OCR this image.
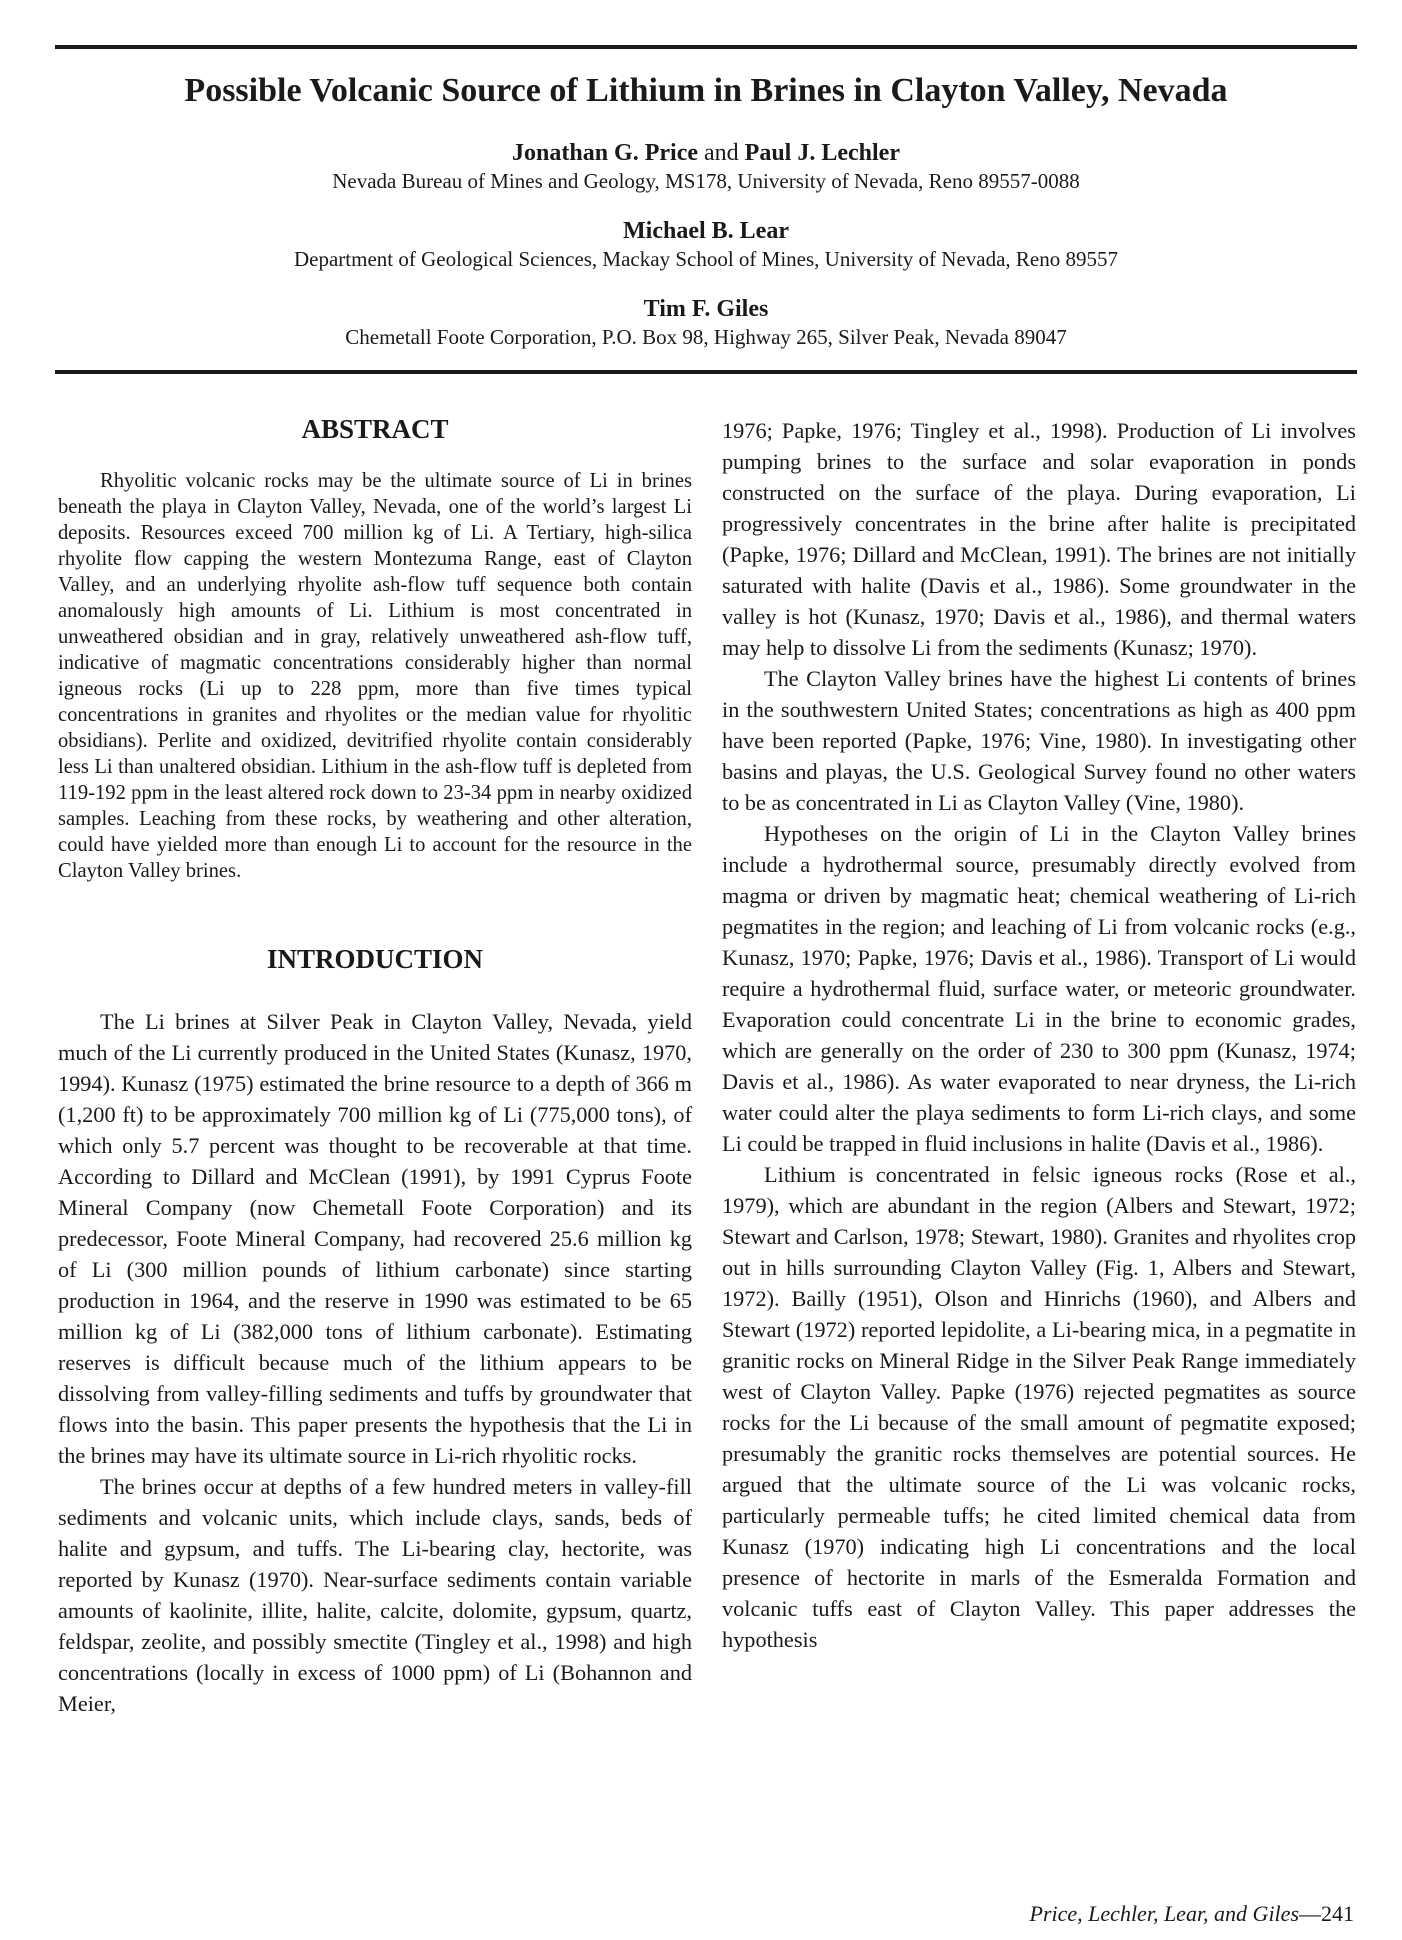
Possible Volcanic Source of Lithium in Brines in Clayton Valley, Nevada
Jonathan G. Price and Paul J. Lechler
Nevada Bureau of Mines and Geology, MS178, University of Nevada, Reno 89557-0088
Michael B. Lear
Department of Geological Sciences, Mackay School of Mines, University of Nevada, Reno 89557
Tim F. Giles
Chemetall Foote Corporation, P.O. Box 98, Highway 265, Silver Peak, Nevada 89047
ABSTRACT

Rhyolitic volcanic rocks may be the ultimate source of Li in brines beneath the playa in Clayton Valley, Nevada, one of the world’s largest Li deposits. Resources exceed 700 million kg of Li. A Tertiary, high-silica rhyolite flow capping the western Montezuma Range, east of Clayton Valley, and an underlying rhyolite ash-flow tuff sequence both contain anomalously high amounts of Li. Lithium is most concentrated in unweathered obsidian and in gray, relatively unweathered ash-flow tuff, indicative of magmatic concentrations considerably higher than normal igneous rocks (Li up to 228 ppm, more than five times typical concentrations in granites and rhyolites or the median value for rhyolitic obsidians). Perlite and oxidized, devitrified rhyolite contain considerably less Li than unaltered obsidian. Lithium in the ash-flow tuff is depleted from 119-192 ppm in the least altered rock down to 23-34 ppm in nearby oxidized samples. Leaching from these rocks, by weathering and other alteration, could have yielded more than enough Li to account for the resource in the Clayton Valley brines.

INTRODUCTION

The Li brines at Silver Peak in Clayton Valley, Nevada, yield much of the Li currently produced in the United States (Kunasz, 1970, 1994). Kunasz (1975) estimated the brine resource to a depth of 366 m (1,200 ft) to be approximately 700 million kg of Li (775,000 tons), of which only 5.7 percent was thought to be recoverable at that time. According to Dillard and McClean (1991), by 1991 Cyprus Foote Mineral Company (now Chemetall Foote Corporation) and its predecessor, Foote Mineral Company, had recovered 25.6 million kg of Li (300 million pounds of lithium carbonate) since starting production in 1964, and the reserve in 1990 was estimated to be 65 million kg of Li (382,000 tons of lithium carbonate). Estimating reserves is difficult because much of the lithium appears to be dissolving from valley-filling sediments and tuffs by groundwater that flows into the basin. This paper presents the hypothesis that the Li in the brines may have its ultimate source in Li-rich rhyolitic rocks.

The brines occur at depths of a few hundred meters in valley-fill sediments and volcanic units, which include clays, sands, beds of halite and gypsum, and tuffs. The Li-bearing clay, hectorite, was reported by Kunasz (1970). Near-surface sediments contain variable amounts of kaolinite, illite, halite, calcite, dolomite, gypsum, quartz, feldspar, zeolite, and possibly smectite (Tingley et al., 1998) and high concentrations (locally in excess of 1000 ppm) of Li (Bohannon and Meier,

1976; Papke, 1976; Tingley et al., 1998). Production of Li involves pumping brines to the surface and solar evaporation in ponds constructed on the surface of the playa. During evaporation, Li progressively concentrates in the brine after halite is precipitated (Papke, 1976; Dillard and McClean, 1991). The brines are not initially saturated with halite (Davis et al., 1986). Some groundwater in the valley is hot (Kunasz, 1970; Davis et al., 1986), and thermal waters may help to dissolve Li from the sediments (Kunasz; 1970).

The Clayton Valley brines have the highest Li contents of brines in the southwestern United States; concentrations as high as 400 ppm have been reported (Papke, 1976; Vine, 1980). In investigating other basins and playas, the U.S. Geological Survey found no other waters to be as concentrated in Li as Clayton Valley (Vine, 1980).

Hypotheses on the origin of Li in the Clayton Valley brines include a hydrothermal source, presumably directly evolved from magma or driven by magmatic heat; chemical weathering of Li-rich pegmatites in the region; and leaching of Li from volcanic rocks (e.g., Kunasz, 1970; Papke, 1976; Davis et al., 1986). Transport of Li would require a hydrothermal fluid, surface water, or meteoric groundwater. Evaporation could concentrate Li in the brine to economic grades, which are generally on the order of 230 to 300 ppm (Kunasz, 1974; Davis et al., 1986). As water evaporated to near dryness, the Li-rich water could alter the playa sediments to form Li-rich clays, and some Li could be trapped in fluid inclusions in halite (Davis et al., 1986).

Lithium is concentrated in felsic igneous rocks (Rose et al., 1979), which are abundant in the region (Albers and Stewart, 1972; Stewart and Carlson, 1978; Stewart, 1980). Granites and rhyolites crop out in hills surrounding Clayton Valley (Fig. 1, Albers and Stewart, 1972). Bailly (1951), Olson and Hinrichs (1960), and Albers and Stewart (1972) reported lepidolite, a Li-bearing mica, in a pegmatite in granitic rocks on Mineral Ridge in the Silver Peak Range immediately west of Clayton Valley. Papke (1976) rejected pegmatites as source rocks for the Li because of the small amount of pegmatite exposed; presumably the granitic rocks themselves are potential sources. He argued that the ultimate source of the Li was volcanic rocks, particularly permeable tuffs; he cited limited chemical data from Kunasz (1970) indicating high Li concentrations and the local presence of hectorite in marls of the Esmeralda Formation and volcanic tuffs east of Clayton Valley. This paper addresses the hypothesis

Price, Lechler, Lear, and Giles—241
